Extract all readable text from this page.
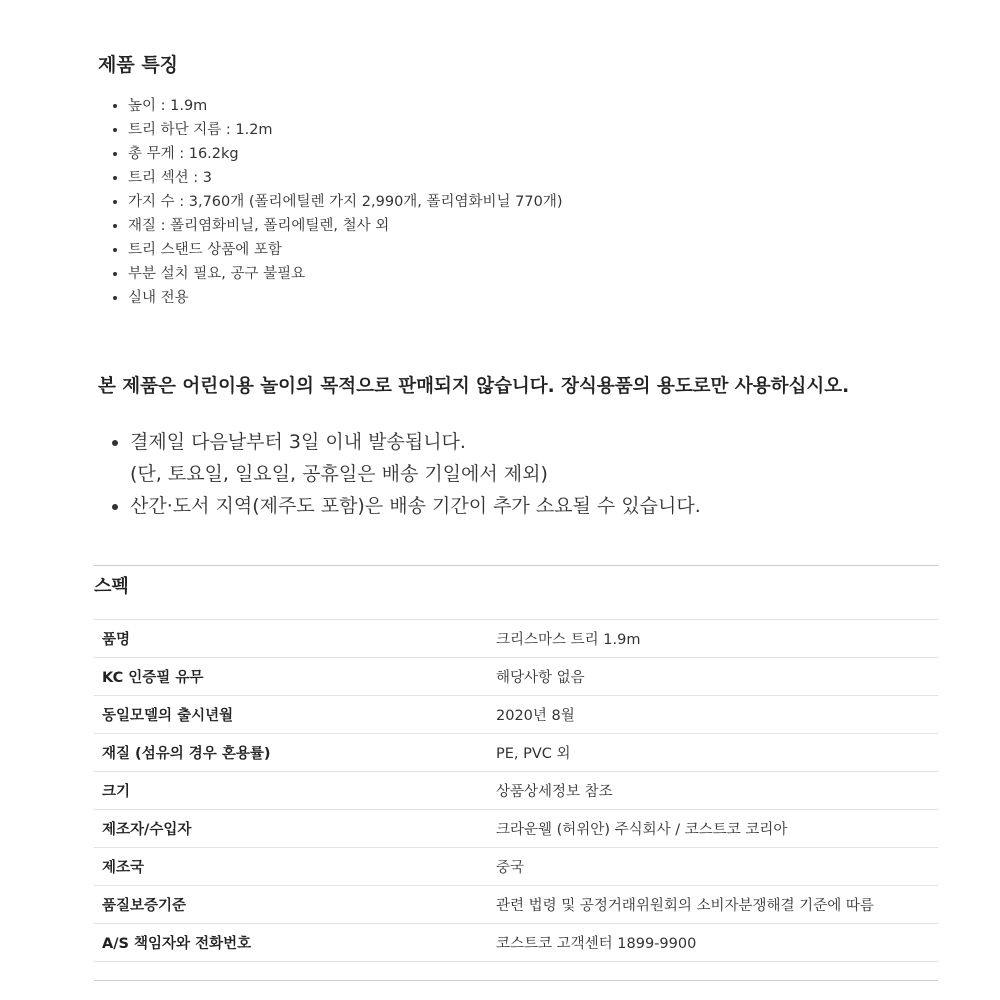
제품 특징
• 높이 : 1.9m
• 트리 하단 지름 : 1.2m
• 총 무게 : 16.2kg
• 트리 섹션 : 3
• 가지 수 : 3,760개 (폴리에틸렌 가지 2,990개, 폴리염화비닐 770개)
• 재질 : 폴리염화비닐, 폴리에틸렌, 철사 외
• 트리 스탠드 상품에 포함
• 부분 설치 필요, 공구 불필요
• 실내 전용

본 제품은 어린이용 놀이의 목적으로 판매되지 않습니다. 장식용품의 용도로만 사용하십시오.

• 결제일 다음날부터 3일 이내 발송됩니다.
(단, 토요일, 일요일, 공휴일은 배송 기일에서 제외)
• 산간·도서 지역(제주도 포함)은 배송 기간이 추가 소요될 수 있습니다.
스펙
품명	크리스마스 트리 1.9m
KC 인증필 유무	해당사항 없음
동일모델의 출시년월	2020년 8월
재질 (섬유의 경우 혼용률)	PE, PVC 외
크기	상품상세정보 참조
제조자/수입자	크라운웰 (허위안) 주식회사 / 코스트코 코리아
제조국	중국
품질보증기준	관련 법령 및 공정거래위원회의 소비자분쟁해결 기준에 따름
A/S 책임자와 전화번호	코스트코 고객센터 1899-9900
